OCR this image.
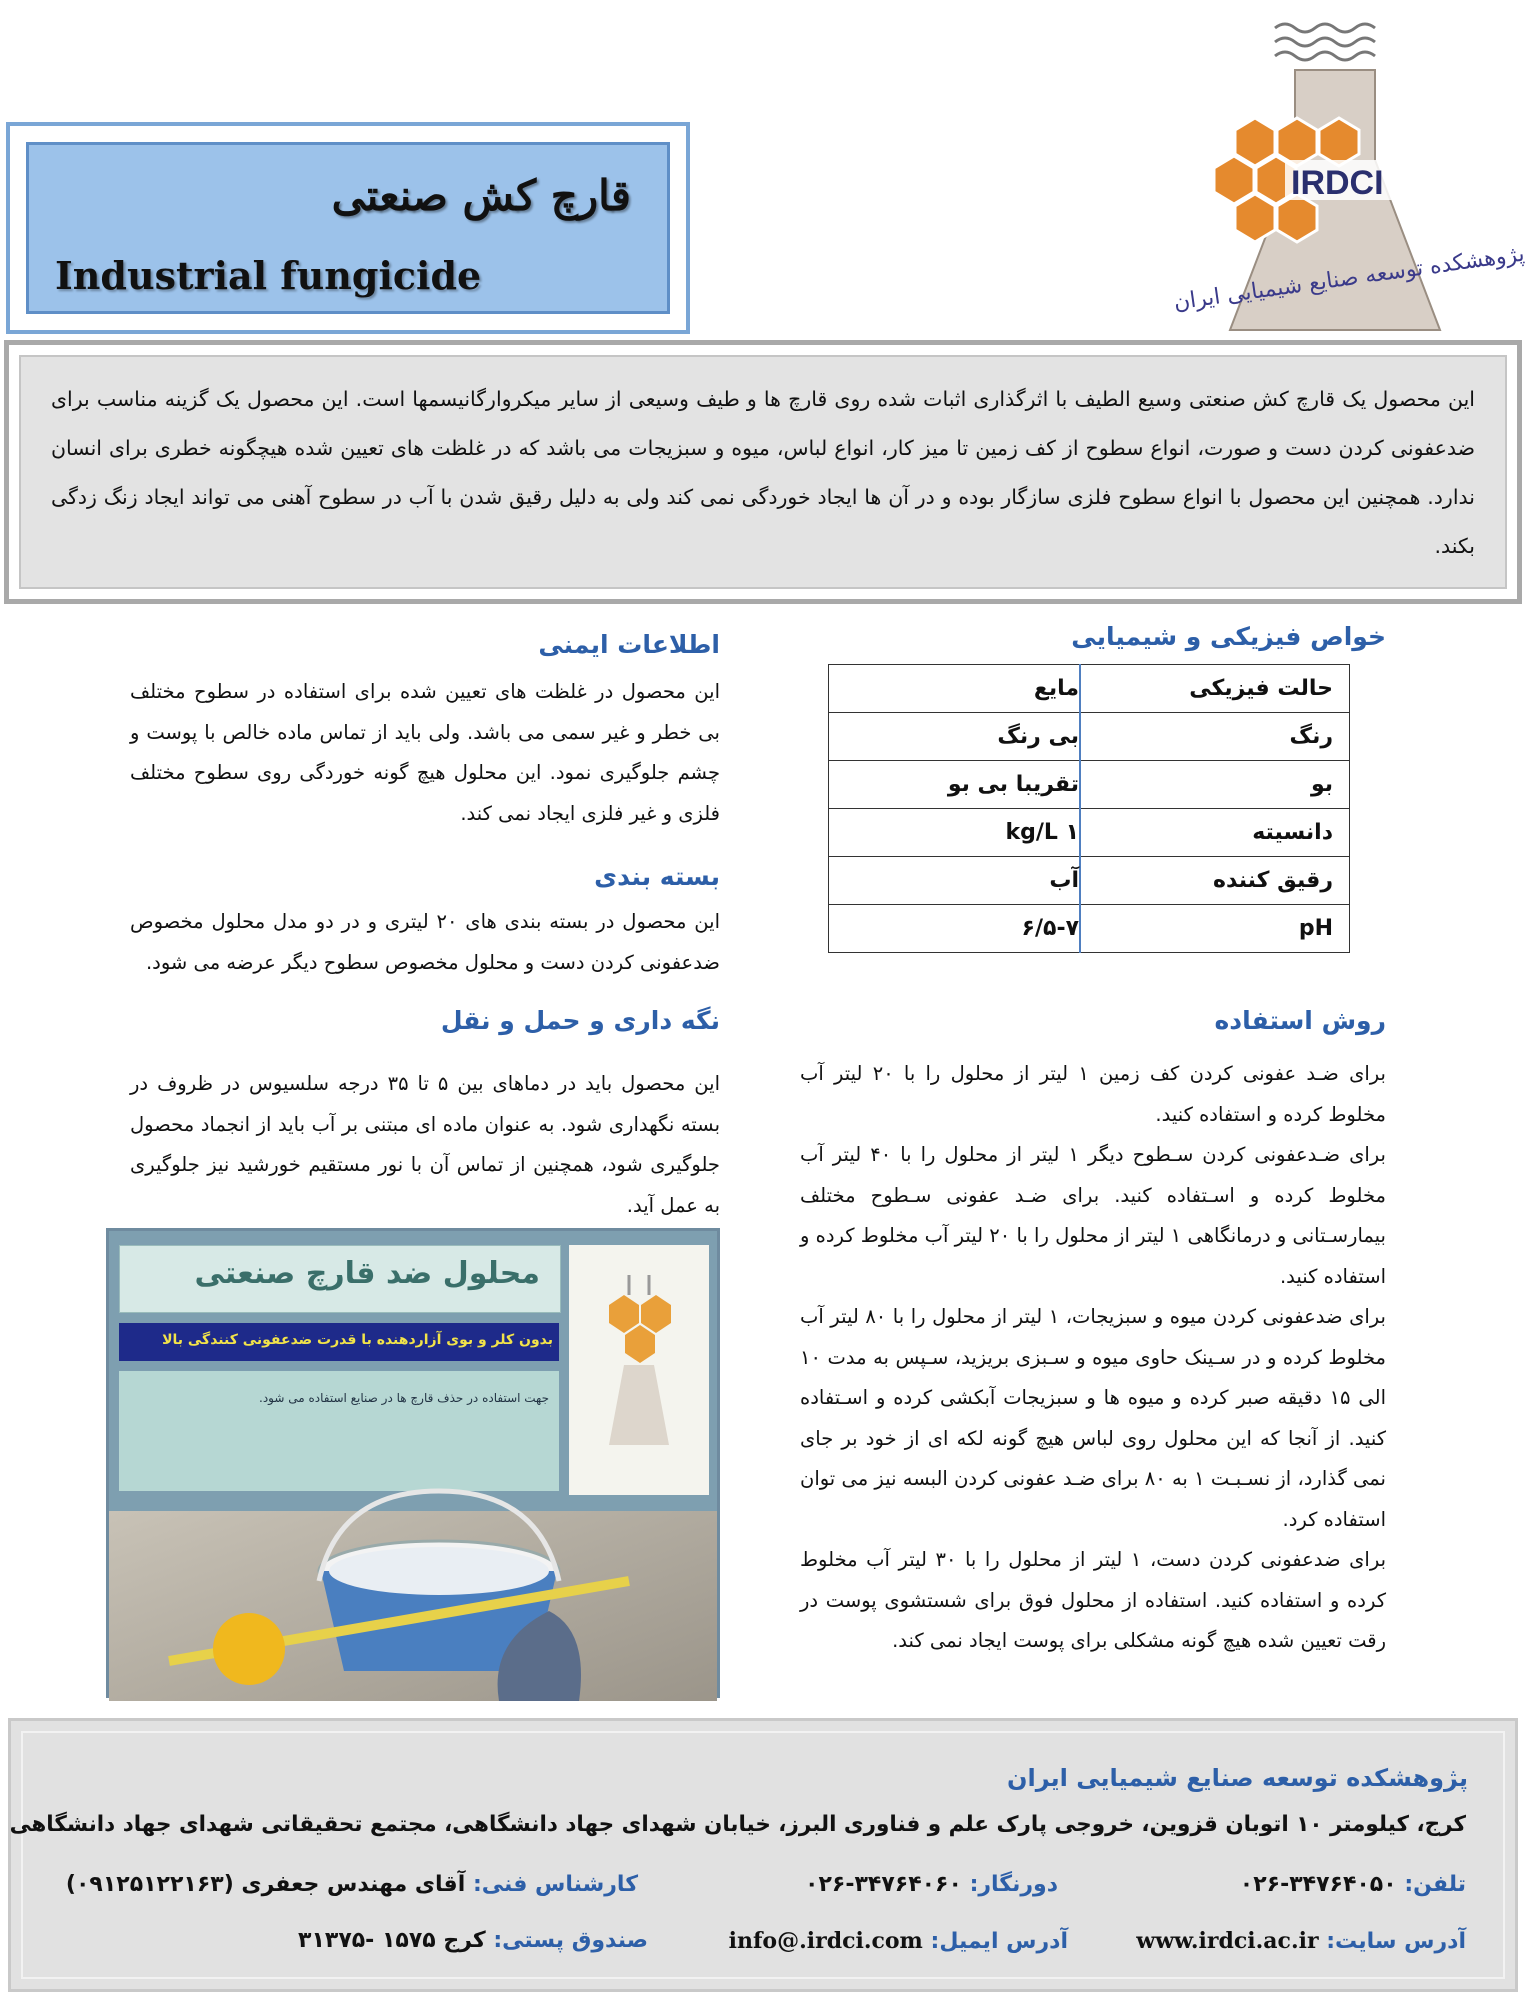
قارچ کش صنعتی
Industrial fungicide
IRDCI
پژوهشکده توسعه صنایع شیمیایی ایران
این محصول یک قارچ کش صنعتی وسیع الطیف با اثرگذاری اثبات شده روی قارچ ها و طیف وسیعی از سایر میکروارگانیسمها است. این محصول یک گزینه مناسب برای ضدعفونی کردن دست و صورت، انواع سطوح از کف زمین تا میز کار، انواع لباس، میوه و سبزیجات می باشد که در غلظت های تعیین شده هیچگونه خطری برای انسان ندارد. همچنین این محصول با انواع سطوح فلزی سازگار بوده و در آن ها ایجاد خوردگی نمی کند ولی به دلیل رقیق شدن با آب در سطوح آهنی می تواند ایجاد زنگ زدگی بکند.
خواص فیزیکی و شیمیایی
حالت فیزیکی	مایع
رنگ	بی رنگ
بو	تقریبا بی بو
دانسیته	۱ kg/L
رقیق کننده	آب
pH	۶/۵-۷
روش استفاده
برای ضـد عفونی کردن کف زمین ۱ لیتر از محلول را با ۲۰ لیتر آب مخلوط کرده و استفاده کنید.
برای ضـدعفونی کردن سـطوح دیگر ۱ لیتر از محلول را با ۴۰ لیتر آب مخلوط کرده و اسـتفاده کنید. برای ضـد عفونی سـطوح مختلف بیمارسـتانی و درمانگاهی ۱ لیتر از محلول را با ۲۰ لیتر آب مخلوط کرده و استفاده کنید.
برای ضدعفونی کردن میوه و سبزیجات، ۱ لیتر از محلول را با ۸۰ لیتر آب مخلوط کرده و در سـینک حاوی میوه و سـبزی بریزید، سـپس به مدت ۱۰ الی ۱۵ دقیقه صبر کرده و میوه ها و سبزیجات آبکشی کرده و اسـتفاده کنید. از آنجا که این محلول روی لباس هیچ گونه لکه ای از خود بر جای نمی گذارد، از نسـبـت ۱ به ۸۰ برای ضـد عفونی کردن البسه نیز می توان استفاده کرد.
برای ضدعفونی کردن دست، ۱ لیتر از محلول را با ۳۰ لیتر آب مخلوط کرده و استفاده کنید. استفاده از محلول فوق برای شستشوی پوست در رقت تعیین شده هیچ گونه مشکلی برای پوست ایجاد نمی کند.
اطلاعات ایمنی
این محصول در غلظت های تعیین شده برای استفاده در سطوح مختلف بی خطر و غیر سمی می باشد. ولی باید از تماس ماده خالص با پوست و چشم جلوگیری نمود. این محلول هیچ گونه خوردگی روی سطوح مختلف فلزی و غیر فلزی ایجاد نمی کند.
بسته بندی
این محصول در بسته بندی های ۲۰ لیتری و در دو مدل محلول مخصوص ضدعفونی کردن دست و محلول مخصوص سطوح دیگر عرضه می شود.
نگه داری و حمل و نقل
این محصول باید در دماهای بین ۵ تا ۳۵ درجه سلسیوس در ظروف در بسته نگهداری شود. به عنوان ماده ای مبتنی بر آب باید از انجماد محصول جلوگیری شود، همچنین از تماس آن با نور مستقیم خورشید نیز جلوگیری به عمل آید.
محلول ضد قارچ صنعتی
بدون کلر و بوی آزاردهنده با قدرت ضدعفونی کنندگی بالا
جهت استفاده در حذف قارچ ها در صنایع استفاده می شود.
پژوهشکده توسعه صنایع شیمیایی ایران
کرج، کیلومتر ۱۰ اتوبان قزوین، خروجی پارک علم و فناوری البرز، خیابان شهدای جهاد دانشگاهی، مجتمع تحقیقاتی شهدای جهاد دانشگاهی
تلفن: ۳۴۷۶۴۰۵۰-۰۲۶
دورنگار: ۳۴۷۶۴۰۶۰-۰۲۶
کارشناس فنی: آقای مهندس جعفری (۰۹۱۲۵۱۲۲۱۶۳)
آدرس سایت: www.irdci.ac.ir
آدرس ایمیل: info@.irdci.com
صندوق پستی: کرج ۱۵۷۵ -۳۱۳۷۵
